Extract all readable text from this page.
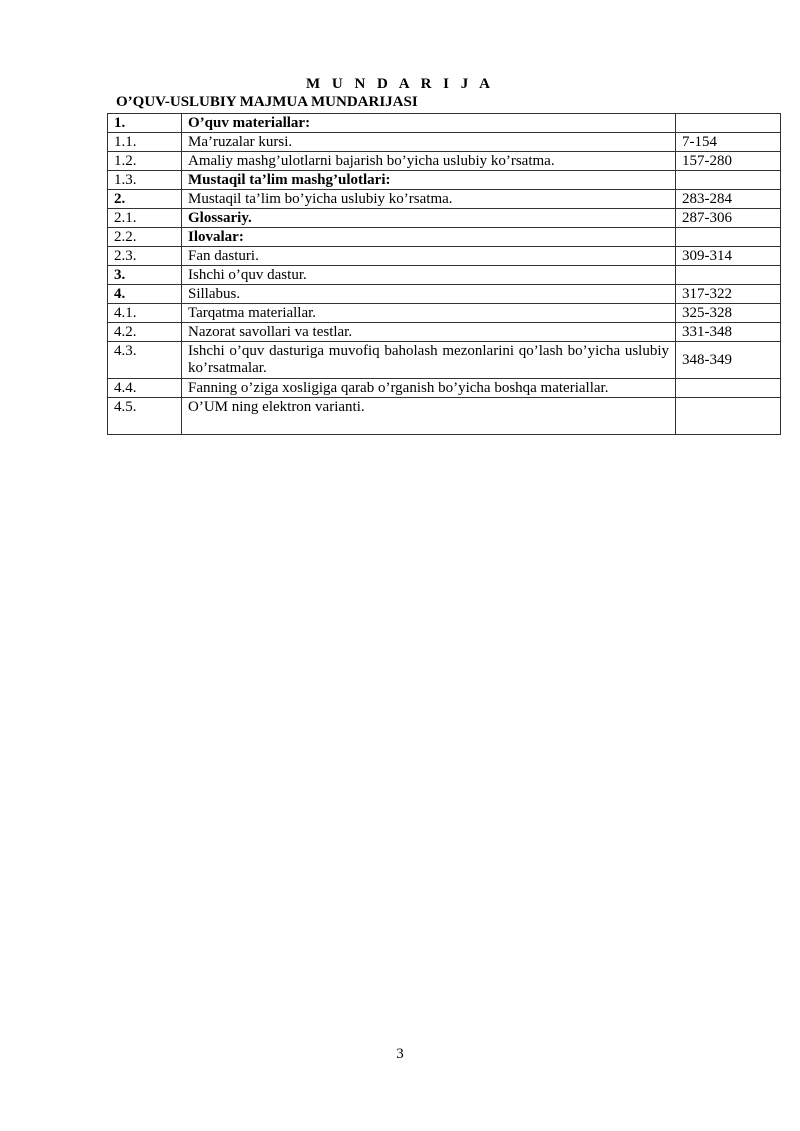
M U N D A R I J A

O’QUV-USLUBIY MAJMUA MUNDARIJASI

1.	O’quv materiallar:	
1.1.	Ma’ruzalar kursi.	7-154
1.2.	Amaliy mashg’ulotlarni bajarish bo’yicha uslubiy ko’rsatma.	157-280
1.3.	Mustaqil ta’lim mashg’ulotlari:	
2.	Mustaqil ta’lim bo’yicha uslubiy ko’rsatma.	283-284
2.1.	Glossariy.	287-306
2.2.	Ilovalar:	
2.3.	Fan dasturi.	309-314
3.	Ishchi o’quv dastur.	
4.	Sillabus.	317-322
4.1.	Tarqatma materiallar.	325-328
4.2.	Nazorat savollari va testlar.	331-348
4.3.	Ishchi o’quv dasturiga muvofiq baholash mezonlarini qo’lash bo’yicha uslubiy ko’rsatmalar.	348-349
4.4.	Fanning o’ziga xosligiga qarab o’rganish bo’yicha boshqa materiallar.	
4.5.	O’UM ning elektron varianti.	

3
